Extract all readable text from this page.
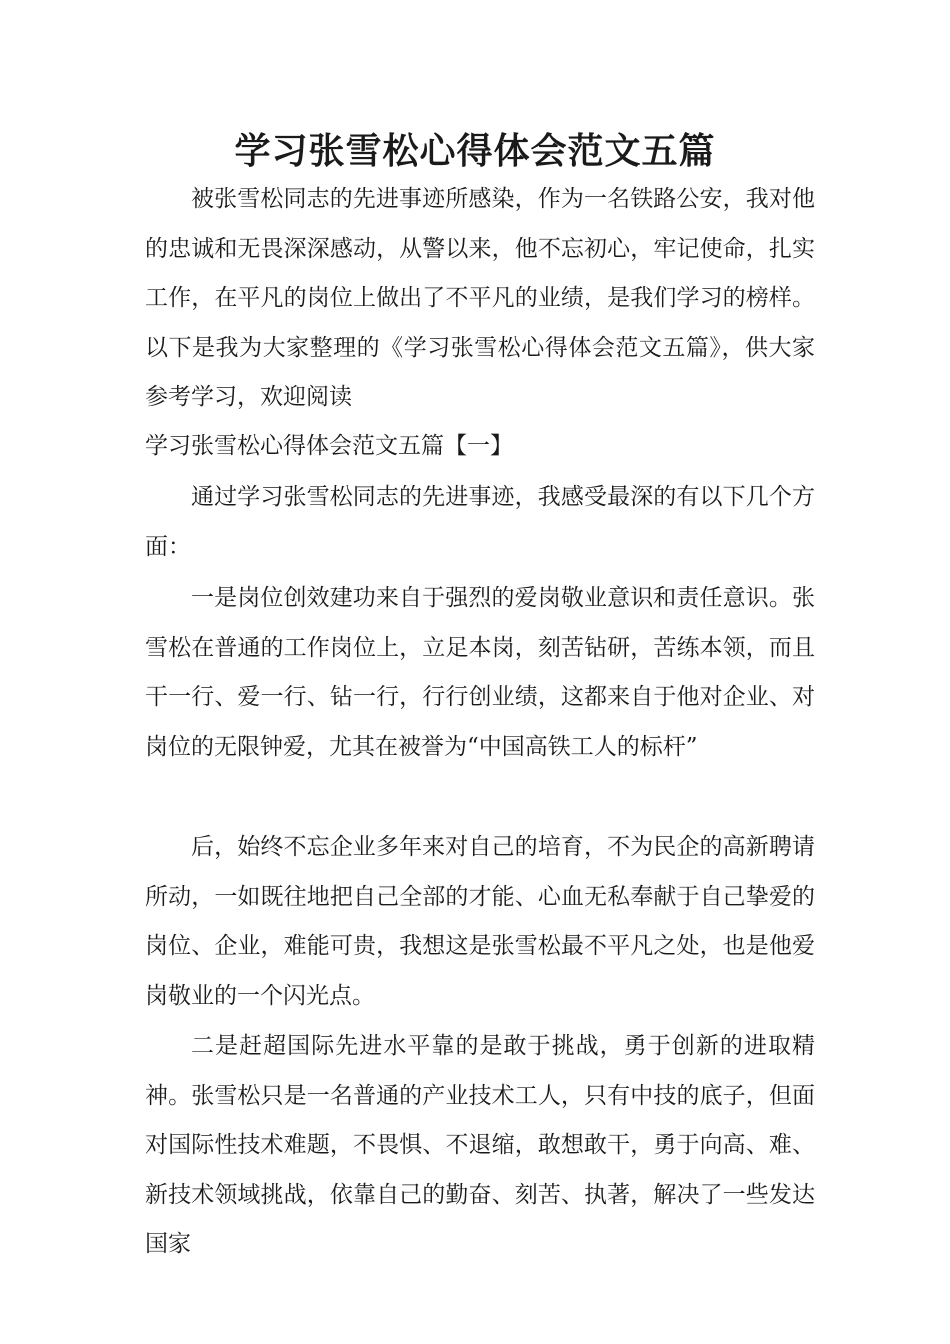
学习张雪松心得体会范文五篇
被张雪松同志的先进事迹所感染，作为一名铁路公安，我对他的忠诚和无畏深深感动，从警以来，他不忘初心，牢记使命，扎实工作，在平凡的岗位上做出了不平凡的业绩，是我们学习的榜样。以下是我为大家整理的《学习张雪松心得体会范文五篇》，供大家参考学习，欢迎阅读
学习张雪松心得体会范文五篇【一】
通过学习张雪松同志的先进事迹，我感受最深的有以下几个方面：
一是岗位创效建功来自于强烈的爱岗敬业意识和责任意识。张雪松在普通的工作岗位上，立足本岗，刻苦钻研，苦练本领，而且干一行、爱一行、钻一行，行行创业绩，这都来自于他对企业、对岗位的无限钟爱，尤其在被誉为“中国高铁工人的标杆”
后，始终不忘企业多年来对自己的培育，不为民企的高新聘请所动，一如既往地把自己全部的才能、心血无私奉献于自己挚爱的岗位、企业，难能可贵，我想这是张雪松最不平凡之处，也是他爱岗敬业的一个闪光点。
二是赶超国际先进水平靠的是敢于挑战，勇于创新的进取精神。张雪松只是一名普通的产业技术工人，只有中技的底子，但面对国际性技术难题，不畏惧、不退缩，敢想敢干，勇于向高、难、新技术领域挑战，依靠自己的勤奋、刻苦、执著，解决了一些发达国家
